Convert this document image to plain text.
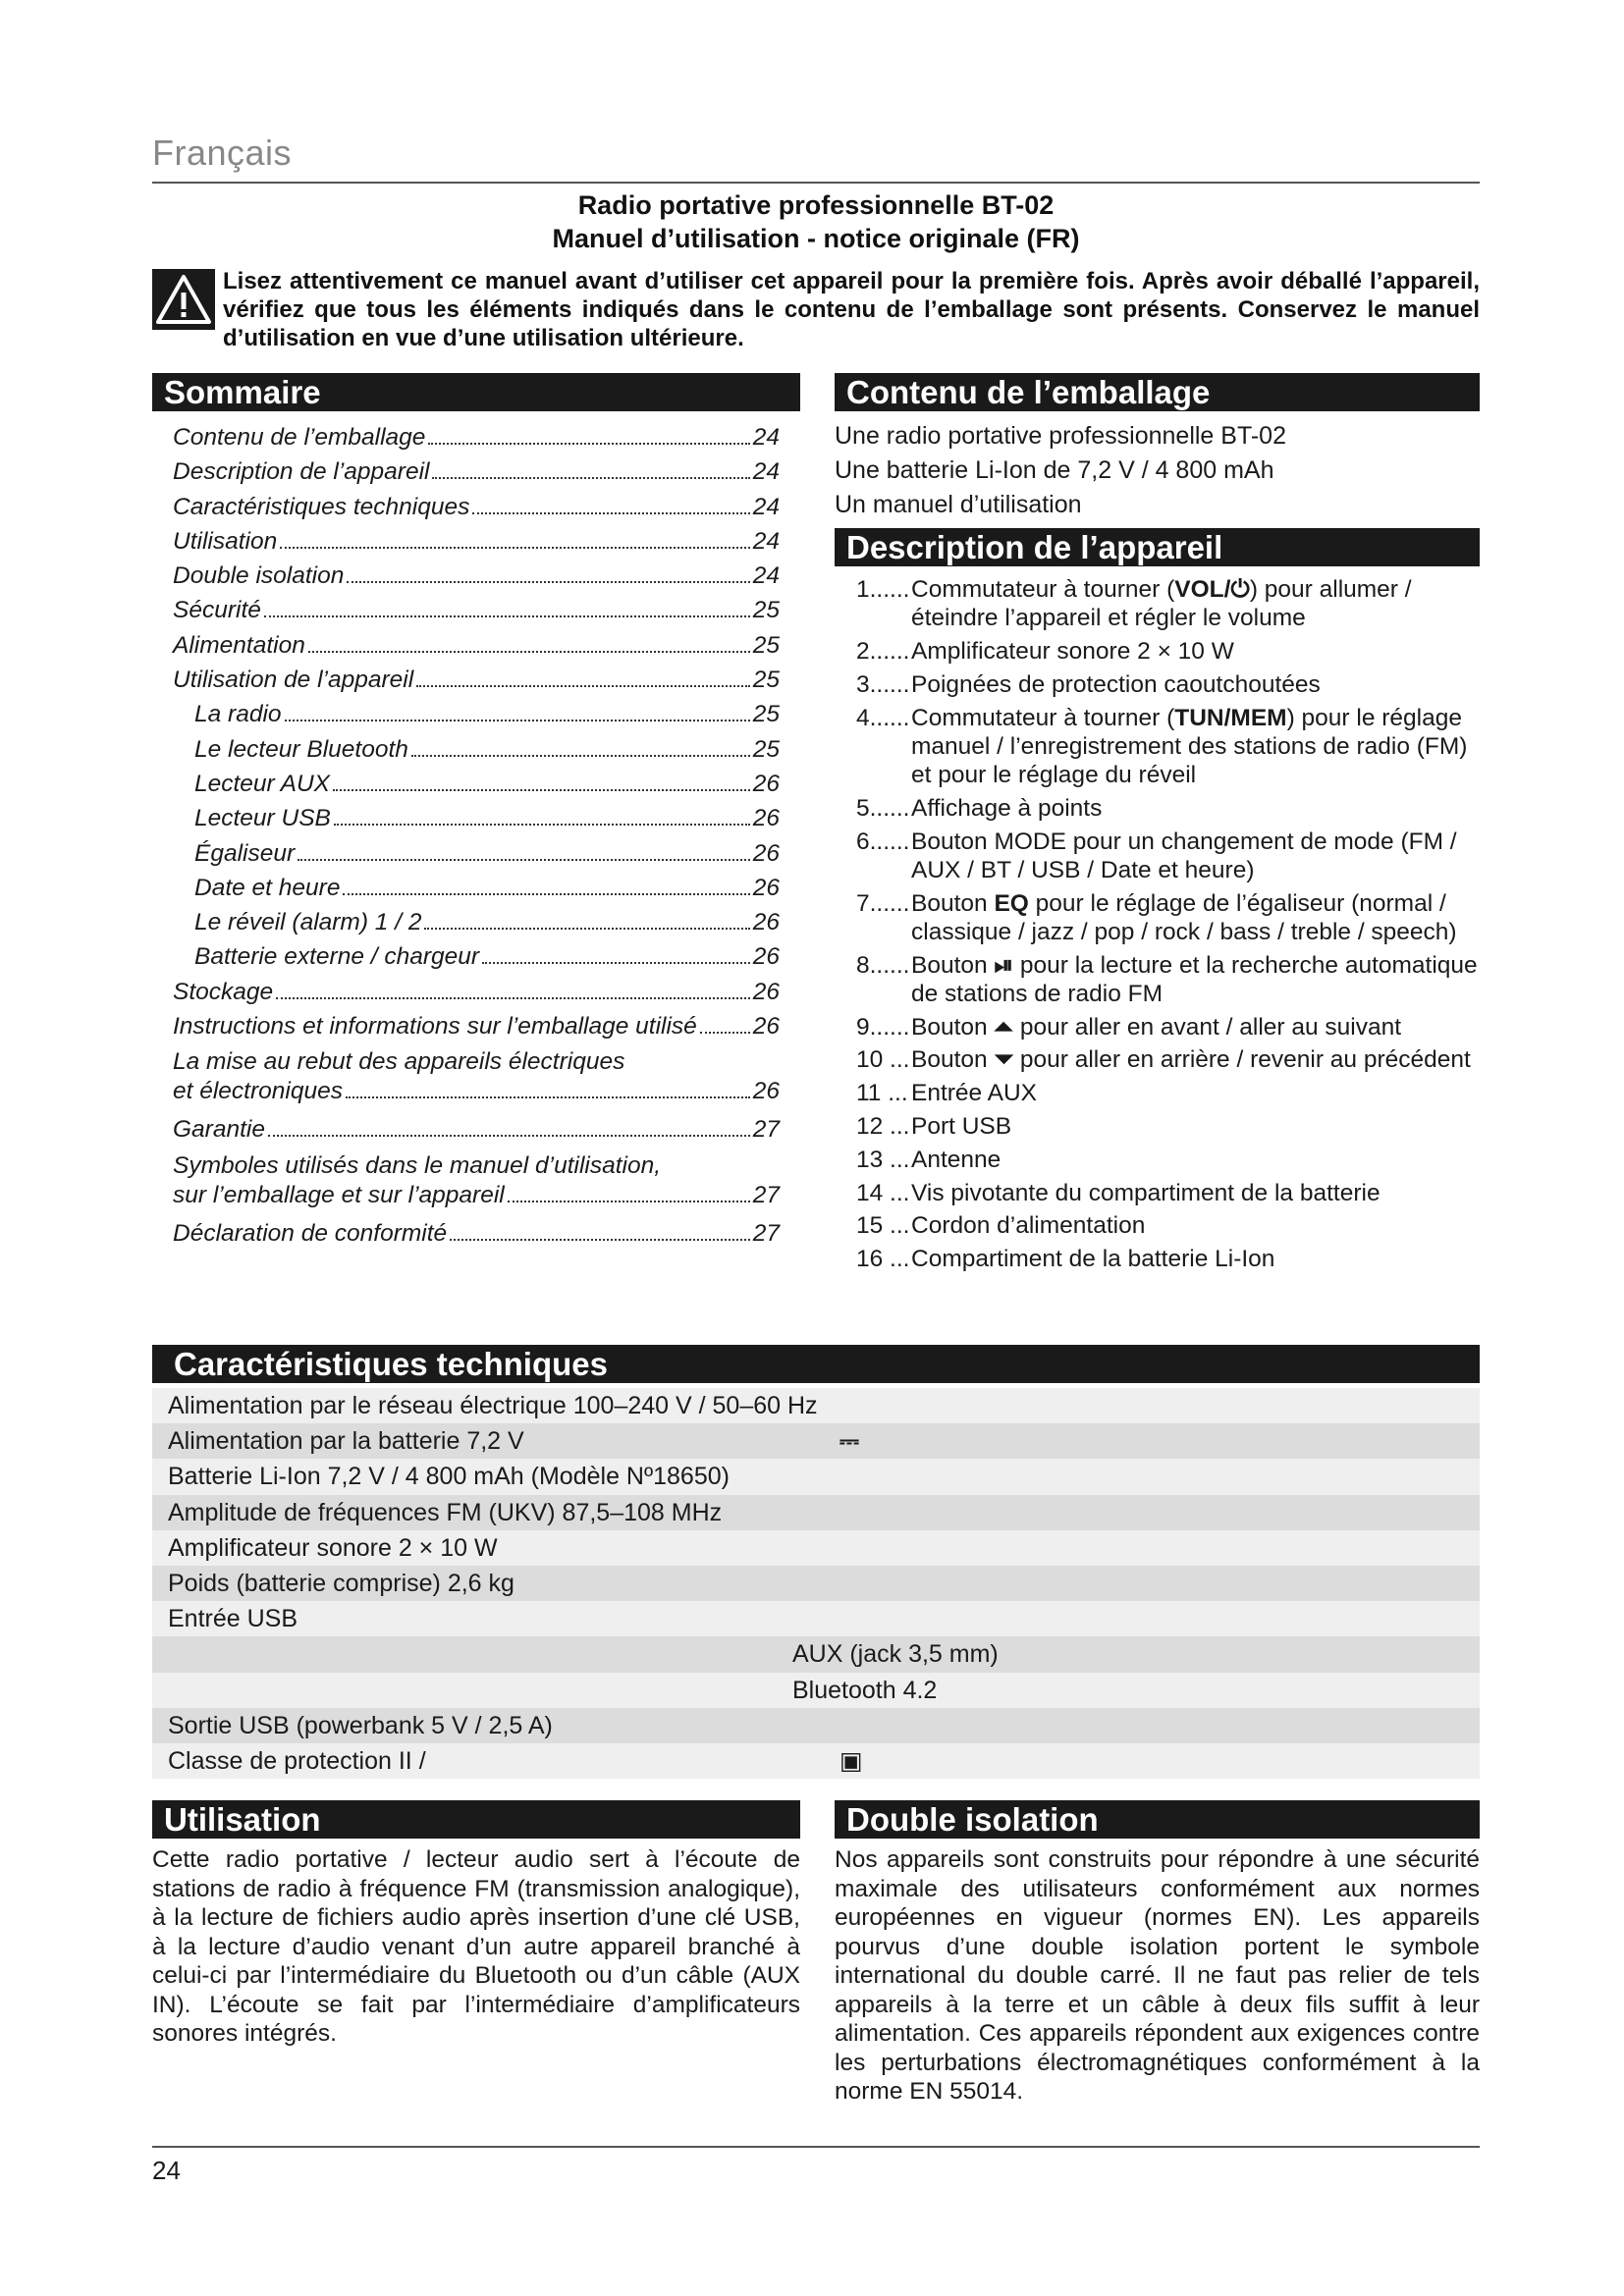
Français
Radio portative professionnelle BT-02
Manuel d’utilisation - notice originale (FR)
Lisez attentivement ce manuel avant d’utiliser cet appareil pour la première fois. Après avoir déballé l’appareil, vérifiez que tous les éléments indiqués dans le contenu de l’emballage sont présents. Conservez le manuel d’utilisation en vue d’une utilisation ultérieure.
Sommaire
Contenu de l’emballage	24
Description de l’appareil	24
Caractéristiques techniques	24
Utilisation	24
Double isolation	24
Sécurité	25
Alimentation	25
Utilisation de l’appareil	25
La radio	25
Le lecteur Bluetooth	25
Lecteur AUX	26
Lecteur USB	26
Égaliseur	26
Date et heure	26
Le réveil (alarm) 1 / 2	26
Batterie externe / chargeur	26
Stockage	26
Instructions et informations sur l’emballage utilisé 26
La mise au rebut des appareils électriques
et électroniques	26
Garantie	27
Symboles utilisés dans le manuel d’utilisation,
sur l’emballage et sur l’appareil	27
Déclaration de conformité	27
Contenu de l’emballage
Une radio portative professionnelle BT-02
Une batterie Li-Ion de 7,2 V / 4 800 mAh
Un manuel d’utilisation
Description de l’appareil
1...... Commutateur à tourner (VOL/⏻) pour allumer / éteindre l’appareil et régler le volume
2...... Amplificateur sonore 2 × 10 W
3...... Poignées de protection caoutchoutées
4...... Commutateur à tourner (TUN/MEM) pour le réglage manuel / l’enregistrement des stations de radio (FM) et pour le réglage du réveil
5...... Affichage à points
6...... Bouton MODE pour un changement de mode (FM / AUX / BT / USB / Date et heure)
7...... Bouton EQ pour le réglage de l’égaliseur (normal / classique / jazz / pop / rock / bass / treble / speech)
8...... Bouton ⏯ pour la lecture et la recherche automatique de stations de radio FM
9...... Bouton ⏶ pour aller en avant / aller au suivant
10 ... Bouton ⏷ pour aller en arrière / revenir au précédent
11 ... Entrée AUX
12 ... Port USB
13 ... Antenne
14 ... Vis pivotante du compartiment de la batterie
15 ... Cordon d’alimentation
16 ... Compartiment de la batterie Li-Ion
Caractéristiques techniques
Alimentation par le réseau électrique 100–240 V / 50–60 Hz
Alimentation par la batterie 7,2 V	⎓
Batterie Li-Ion 7,2 V / 4 800 mAh (Modèle Nº18650)
Amplitude de fréquences FM (UKV) 87,5–108 MHz
Amplificateur sonore 2 × 10 W
Poids (batterie comprise) 2,6 kg
Entrée USB
AUX (jack 3,5 mm)
Bluetooth 4.2
Sortie USB (powerbank 5 V / 2,5 A)
Classe de protection II /	▣
Utilisation
Cette radio portative / lecteur audio sert à l’écoute de stations de radio à fréquence FM (transmission analogique), à la lecture de fichiers audio après insertion d’une clé USB, à la lecture d’audio venant d’un autre appareil branché à celui-ci par l’intermédiaire du Bluetooth ou d’un câble (AUX IN). L’écoute se fait par l’intermédiaire d’amplificateurs sonores intégrés.
Double isolation
Nos appareils sont construits pour répondre à une sécurité maximale des utilisateurs conformément aux normes européennes en vigueur (normes EN). Les appareils pourvus d’une double isolation portent le symbole international du double carré. Il ne faut pas relier de tels appareils à la terre et un câble à deux fils suffit à leur alimentation. Ces appareils répondent aux exigences contre les perturbations électromagnétiques conformément à la norme EN 55014.
24
